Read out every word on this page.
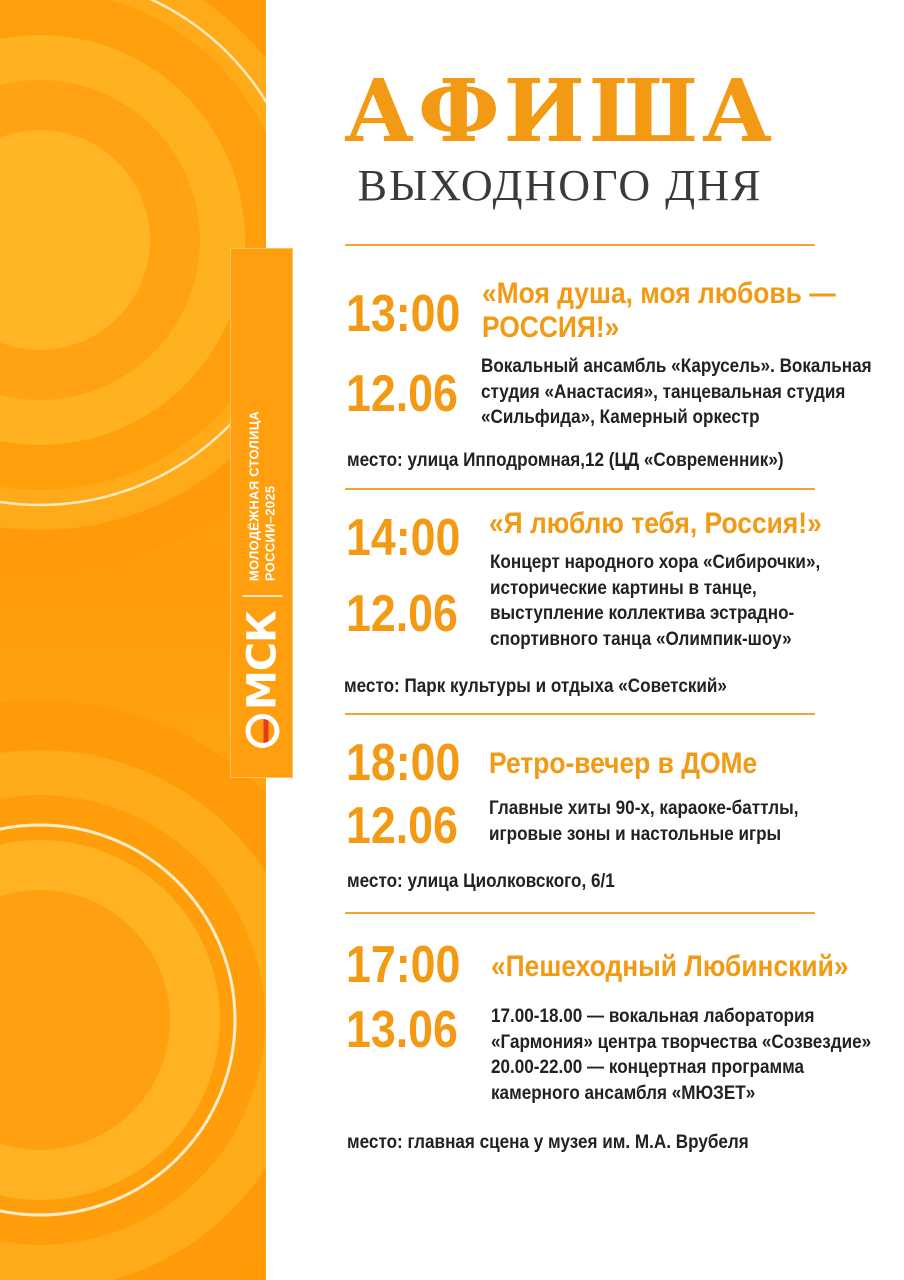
МСК
МОЛОДЁЖНАЯ СТОЛИЦА РОССИИ–2025
АФИША
ВЫХОДНОГО ДНЯ
13:00
12.06
«Моя душа, моя любовь —
РОССИЯ!»
Вокальный ансамбль «Карусель». Вокальная
студия «Анастасия», танцевальная студия
«Сильфида», Камерный оркестр
место: улица Ипподромная,12 (ЦД «Современник»)
14:00
12.06
«Я люблю тебя, Россия!»
Концерт народного хора «Сибирочки»,
исторические картины в танце,
выступление коллектива эстрадно-
спортивного танца «Олимпик-шоу»
место: Парк культуры и отдыха «Советский»
18:00
12.06
Ретро-вечер в ДОМе
Главные хиты 90-х, караоке-баттлы,
игровые зоны и настольные игры
место: улица Циолковского, 6/1
17:00
13.06
«Пешеходный Любинский»
17.00-18.00 — вокальная лаборатория
«Гармония» центра творчества «Созвездие»
20.00-22.00 — концертная программа
камерного ансамбля «МЮЗЕТ»
место: главная сцена у музея им. М.А. Врубеля
